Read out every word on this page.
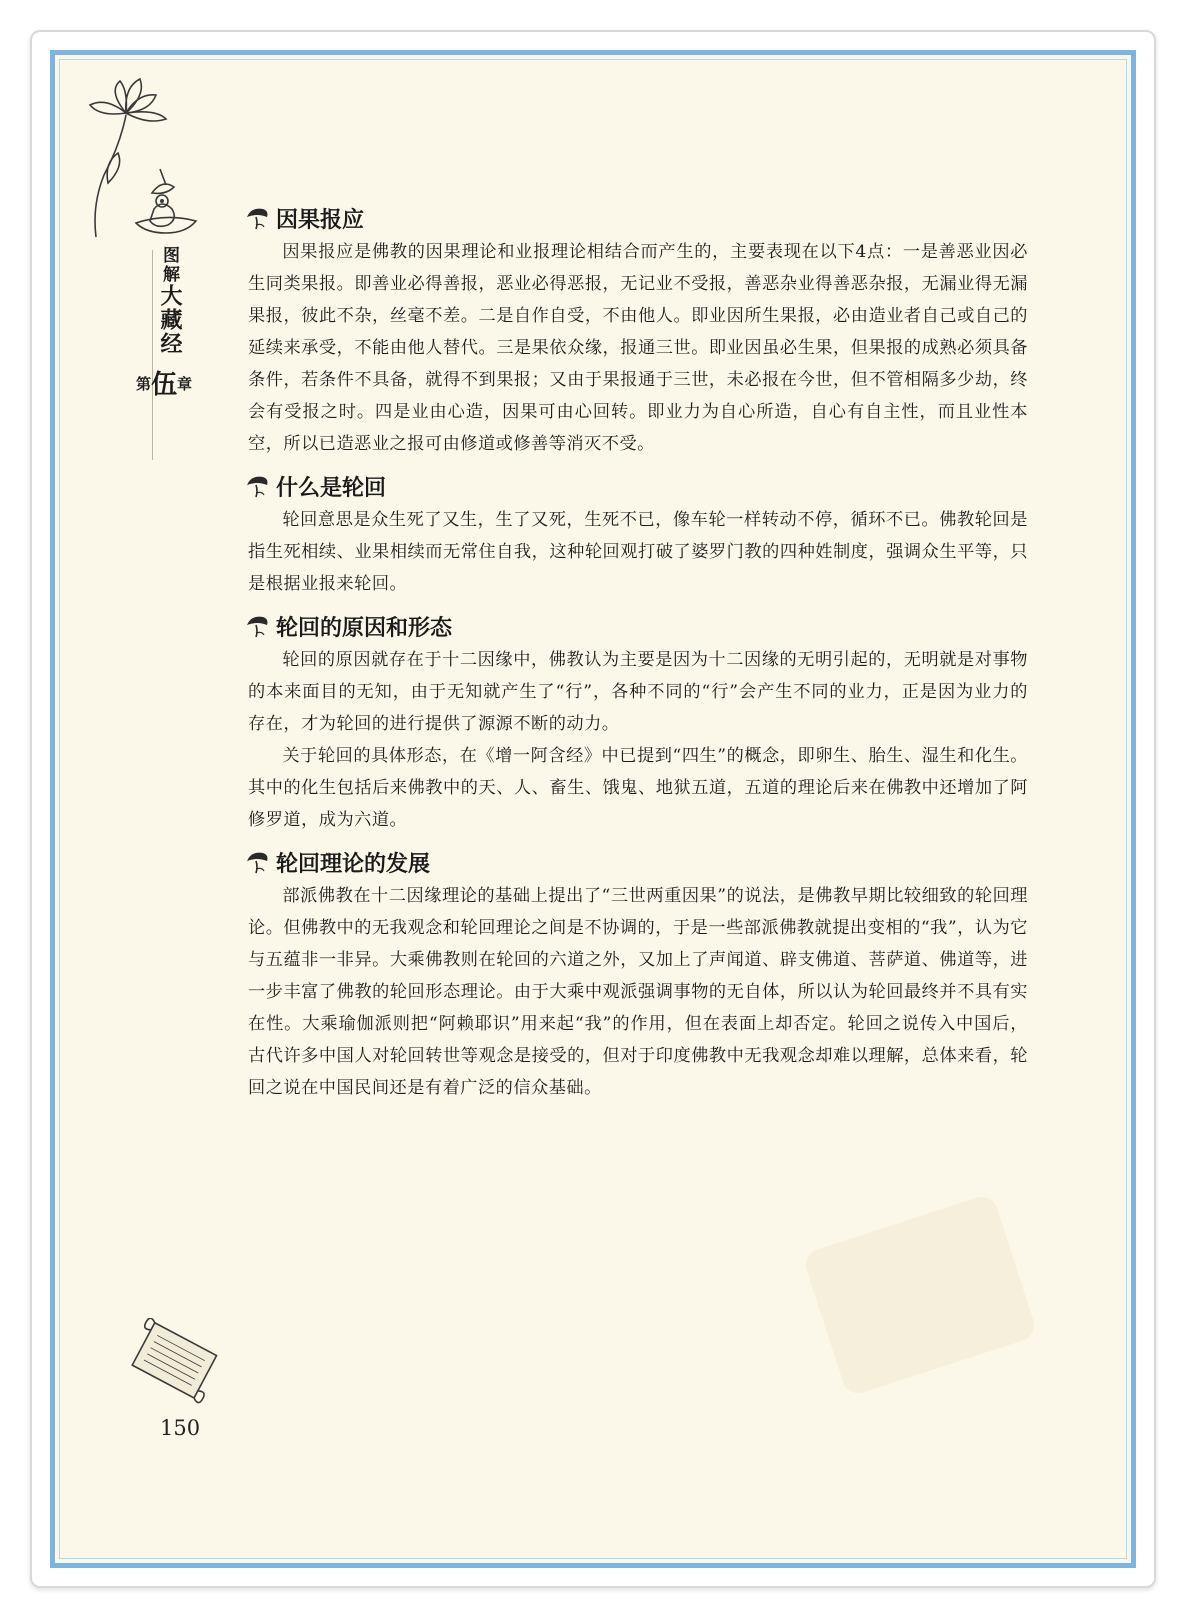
图解大藏经
第伍章
因果报应

因果报应是佛教的因果理论和业报理论相结合而产生的，主要表现在以下4点：一是善恶业因必生同类果报。即善业必得善报，恶业必得恶报，无记业不受报，善恶杂业得善恶杂报，无漏业得无漏果报，彼此不杂，丝毫不差。二是自作自受，不由他人。即业因所生果报，必由造业者自己或自己的延续来承受，不能由他人替代。三是果依众缘，报通三世。即业因虽必生果，但果报的成熟必须具备条件，若条件不具备，就得不到果报；又由于果报通于三世，未必报在今世，但不管相隔多少劫，终会有受报之时。四是业由心造，因果可由心回转。即业力为自心所造，自心有自主性，而且业性本空，所以已造恶业之报可由修道或修善等消灭不受。

什么是轮回

轮回意思是众生死了又生，生了又死，生死不已，像车轮一样转动不停，循环不已。佛教轮回是指生死相续、业果相续而无常住自我，这种轮回观打破了婆罗门教的四种姓制度，强调众生平等，只是根据业报来轮回。

轮回的原因和形态

轮回的原因就存在于十二因缘中，佛教认为主要是因为十二因缘的无明引起的，无明就是对事物的本来面目的无知，由于无知就产生了“行”，各种不同的“行”会产生不同的业力，正是因为业力的存在，才为轮回的进行提供了源源不断的动力。

关于轮回的具体形态，在《增一阿含经》中已提到“四生”的概念，即卵生、胎生、湿生和化生。其中的化生包括后来佛教中的天、人、畜生、饿鬼、地狱五道，五道的理论后来在佛教中还增加了阿修罗道，成为六道。

轮回理论的发展

部派佛教在十二因缘理论的基础上提出了“三世两重因果”的说法，是佛教早期比较细致的轮回理论。但佛教中的无我观念和轮回理论之间是不协调的，于是一些部派佛教就提出变相的“我”，认为它与五蕴非一非异。大乘佛教则在轮回的六道之外，又加上了声闻道、辟支佛道、菩萨道、佛道等，进一步丰富了佛教的轮回形态理论。由于大乘中观派强调事物的无自体，所以认为轮回最终并不具有实在性。大乘瑜伽派则把“阿赖耶识”用来起“我”的作用，但在表面上却否定。轮回之说传入中国后，古代许多中国人对轮回转世等观念是接受的，但对于印度佛教中无我观念却难以理解，总体来看，轮回之说在中国民间还是有着广泛的信众基础。

150
